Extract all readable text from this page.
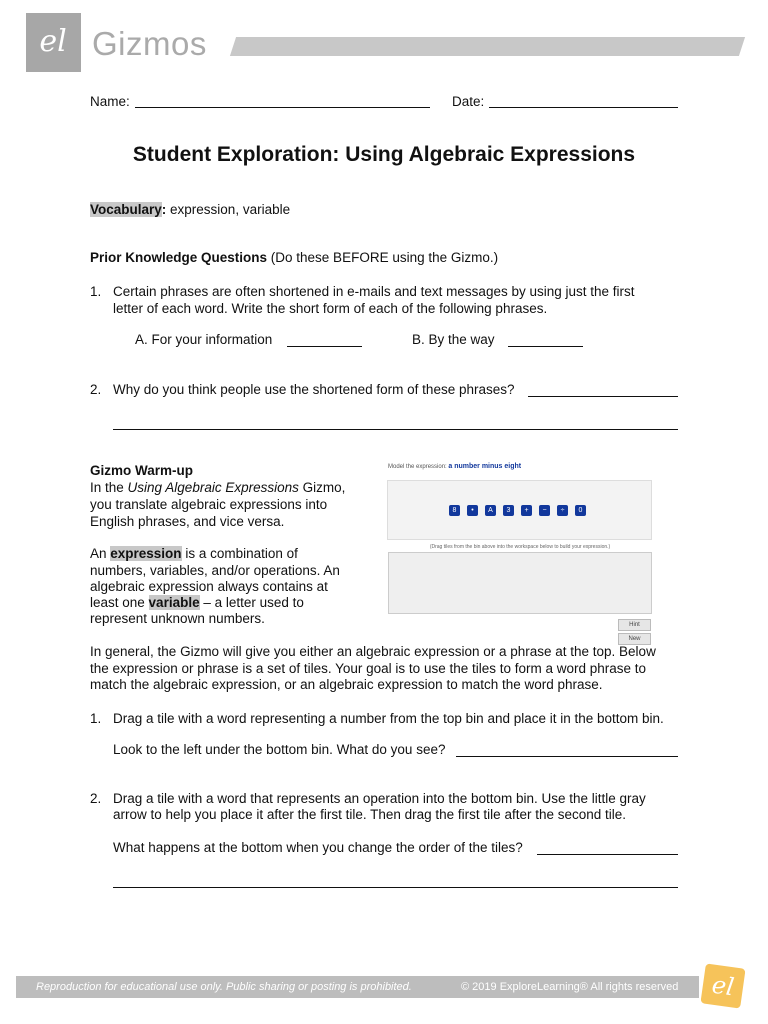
el Gizmos
Name:	Date:
Student Exploration: Using Algebraic Expressions
Vocabulary: expression, variable
Prior Knowledge Questions (Do these BEFORE using the Gizmo.)
1. Certain phrases are often shortened in e-mails and text messages by using just the first
letter of each word. Write the short form of each of the following phrases.
A. For your information	B. By the way
2. Why do you think people use the shortened form of these phrases?
Gizmo Warm-up
In the Using Algebraic Expressions Gizmo,
you translate algebraic expressions into
English phrases, and vice versa.
An expression is a combination of
numbers, variables, and/or operations. An
algebraic expression always contains at
least one variable – a letter used to
represent unknown numbers.
Model the expression: a number minus eight
8	•	A	3	+	−	÷	0
(Drag tiles from the bin above into the workspace below to build your expression.)
Hint
New
In general, the Gizmo will give you either an algebraic expression or a phrase at the top. Below
the expression or phrase is a set of tiles. Your goal is to use the tiles to form a word phrase to
match the algebraic expression, or an algebraic expression to match the word phrase.
1. Drag a tile with a word representing a number from the top bin and place it in the bottom bin.
Look to the left under the bottom bin. What do you see?
2. Drag a tile with a word that represents an operation into the bottom bin. Use the little gray
arrow to help you place it after the first tile. Then drag the first tile after the second tile.
What happens at the bottom when you change the order of the tiles?
Reproduction for educational use only. Public sharing or posting is prohibited.	© 2019 ExploreLearning® All rights reserved	el
